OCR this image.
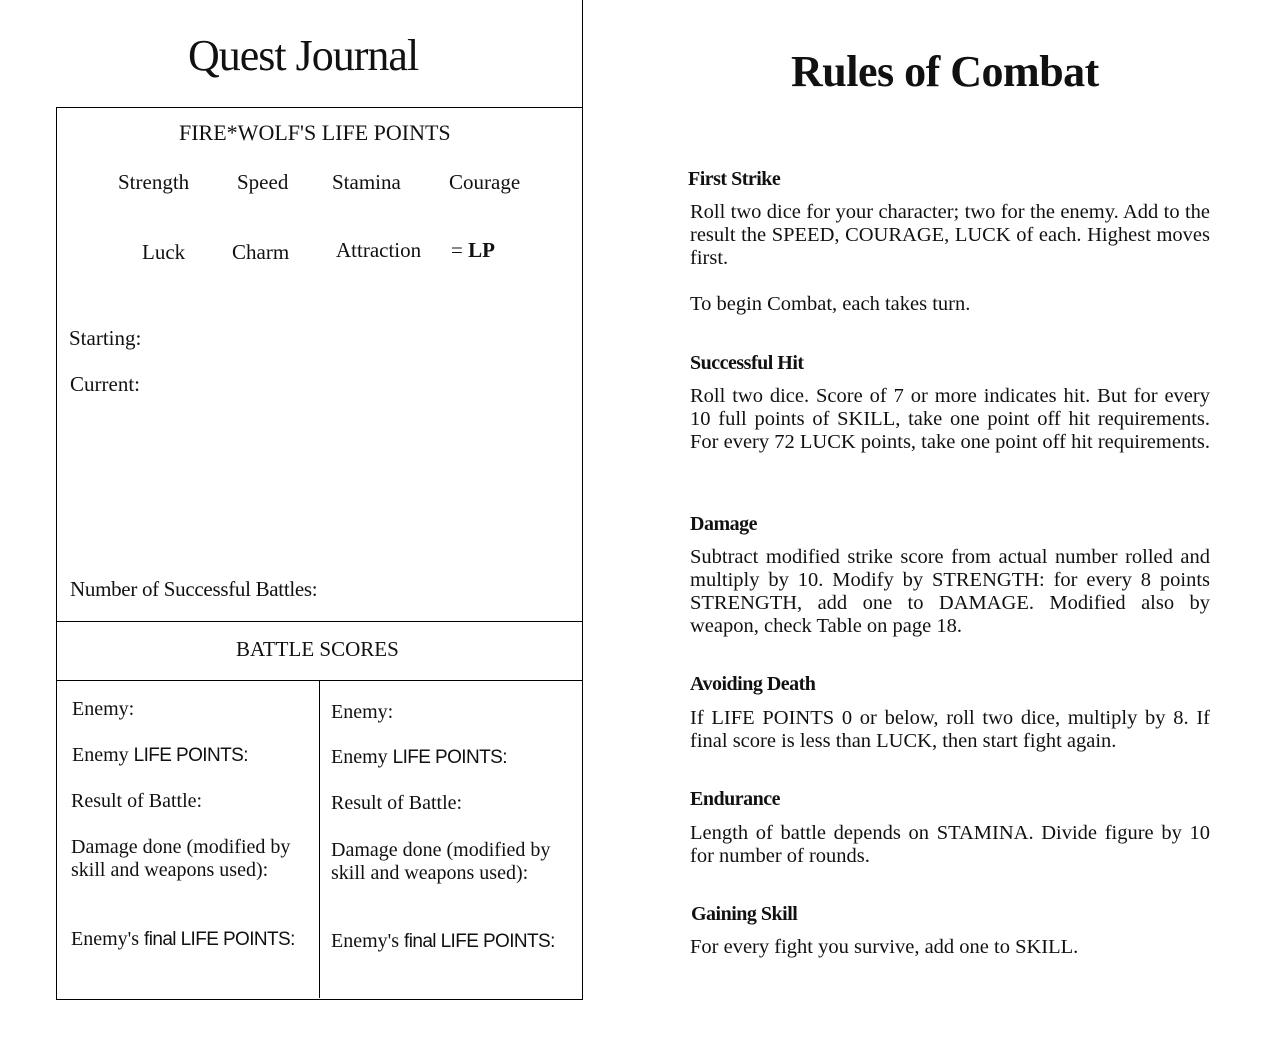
Quest Journal
FIRE*WOLF'S LIFE POINTS
Strength Speed Stamina Courage
Luck Charm Attraction = LP
Starting:
Current:
Number of Successful Battles:
BATTLE SCORES
Enemy:
Enemy LIFE POINTS:
Result of Battle:
Damage done (modified by skill and weapons used):
Enemy's final LIFE POINTS:
Enemy:
Enemy LIFE POINTS:
Result of Battle:
Damage done (modified by skill and weapons used):
Enemy's final LIFE POINTS:
Rules of Combat
First Strike
Roll two dice for your character; two for the enemy. Add to the result the SPEED, COURAGE, LUCK of each. Highest moves first.
To begin Combat, each takes turn.
Successful Hit
Roll two dice. Score of 7 or more indicates hit. But for every 10 full points of SKILL, take one point off hit requirements. For every 72 LUCK points, take one point off hit requirements.
Damage
Subtract modified strike score from actual number rolled and multiply by 10. Modify by STRENGTH: for every 8 points STRENGTH, add one to DAMAGE. Modified also by weapon, check Table on page 18.
Avoiding Death
If LIFE POINTS 0 or below, roll two dice, multiply by 8. If final score is less than LUCK, then start fight again.
Endurance
Length of battle depends on STAMINA. Divide figure by 10 for number of rounds.
Gaining Skill
For every fight you survive, add one to SKILL.
